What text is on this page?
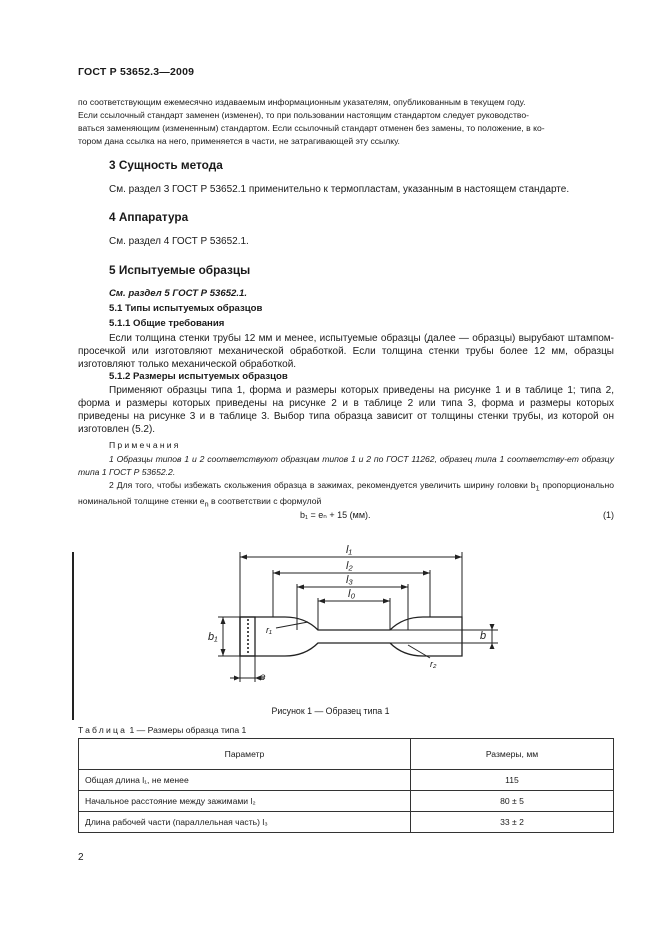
ГОСТ Р 53652.3—2009
по соответствующим ежемесячно издаваемым информационным указателям, опубликованным в текущем году.
Если ссылочный стандарт заменен (изменен), то при пользовании настоящим стандартом следует руководство-
ваться заменяющим (измененным) стандартом. Если ссылочный стандарт отменен без замены, то положение, в ко-
тором дана ссылка на него, применяется в части, не затрагивающей эту ссылку.
3 Сущность метода
См. раздел 3 ГОСТ Р 53652.1 применительно к термопластам, указанным в настоящем стандарте.
4 Аппаратура
См. раздел 4 ГОСТ Р 53652.1.
5 Испытуемые образцы
См. раздел 5 ГОСТ Р 53652.1.
5.1 Типы испытуемых образцов
5.1.1 Общие требования

Если толщина стенки трубы 12 мм и менее, испытуемые образцы (далее — образцы) вырубают штампом-просечкой или изготовляют механической обработкой. Если толщина стенки трубы более 12 мм, образцы изготовляют только механической обработкой.

5.1.2 Размеры испытуемых образцов

Применяют образцы типа 1, форма и размеры которых приведены на рисунке 1 и в таблице 1; типа 2, форма и размеры которых приведены на рисунке 2 и в таблице 2 или типа 3, форма и размеры которых приведены на рисунке 3 и в таблице 3. Выбор типа образца зависит от толщины стенки трубы, из которой он изготовлен (5.2).

Примечания

1 Образцы типов 1 и 2 соответствуют образцам типов 1 и 2 по ГОСТ 11262, образец типа 1 соответству-ет образцу типа 1 ГОСТ Р 53652.2.

2 Для того, чтобы избежать скольжения образца в зажимах, рекомендуется увеличить ширину головки $b_1$ пропорционально номинальной толщине стенки $e_n$ в соответствии с формулой

b₁ = eₙ + 15 (мм).	(1)
l₁
l₂
l₃
l₀
b₁	b
r₁
r₂
e
Рисунок 1 — Образец типа 1
Таблица 1 — Размеры образца типа 1
Параметр	Размеры, мм
Общая длина l₁, не менее	115
Начальное расстояние между зажимами l₂	80 ± 5
Длина рабочей части (параллельная часть) l₃	33 ± 2
2
